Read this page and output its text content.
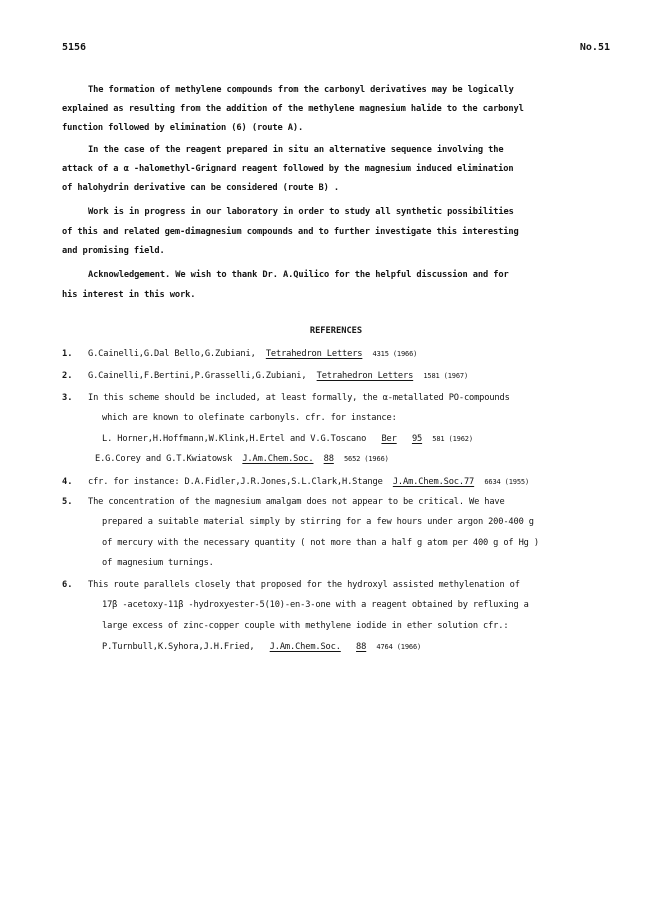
5156	No.51
The formation of methylene compounds from the carbonyl derivatives may be logically
explained as resulting from the addition of the methylene magnesium halide to the carbonyl
function followed by elimination (6) (route A).
In the case of the reagent prepared in situ an alternative sequence involving the
attack of a α -halomethyl-Grignard reagent followed by the magnesium induced elimination
of halohydrin derivative can be considered (route B) .
Work is in progress in our laboratory in order to study all synthetic possibilities
of this and related gem-dimagnesium compounds and to further investigate this interesting
and promising field.
Acknowledgement. We wish to thank Dr. A.Quilico for the helpful discussion and for
his interest in this work.
REFERENCES
1. G.Cainelli,G.Dal Bello,G.Zubiani, Tetrahedron Letters 4315 (1966)
2. G.Cainelli,F.Bertini,P.Grasselli,G.Zubiani, Tetrahedron Letters 1581 (1967)
3. In this scheme should be included, at least formally, the α-metallated PO-compounds
which are known to olefinate carbonyls. cfr. for instance:
L. Horner,H.Hoffmann,W.Klink,H.Ertel and V.G.Toscano Ber 95 581 (1962)
E.G.Corey and G.T.Kwiatowsk J.Am.Chem.Soc. 88 5652 (1966)
4. cfr. for instance: D.A.Fidler,J.R.Jones,S.L.Clark,H.Stange J.Am.Chem.Soc.77 6634 (1955)
5. The concentration of the magnesium amalgam does not appear to be critical. We have
prepared a suitable material simply by stirring for a few hours under argon 200-400 g
of mercury with the necessary quantity ( not more than a half g atom per 400 g of Hg )
of magnesium turnings.
6. This route parallels closely that proposed for the hydroxyl assisted methylenation of
17β -acetoxy-11β -hydroxyester-5(10)-en-3-one with a reagent obtained by refluxing a
large excess of zinc-copper couple with methylene iodide in ether solution cfr.:
P.Turnbull,K.Syhora,J.H.Fried, J.Am.Chem.Soc. 88 4764 (1966)
